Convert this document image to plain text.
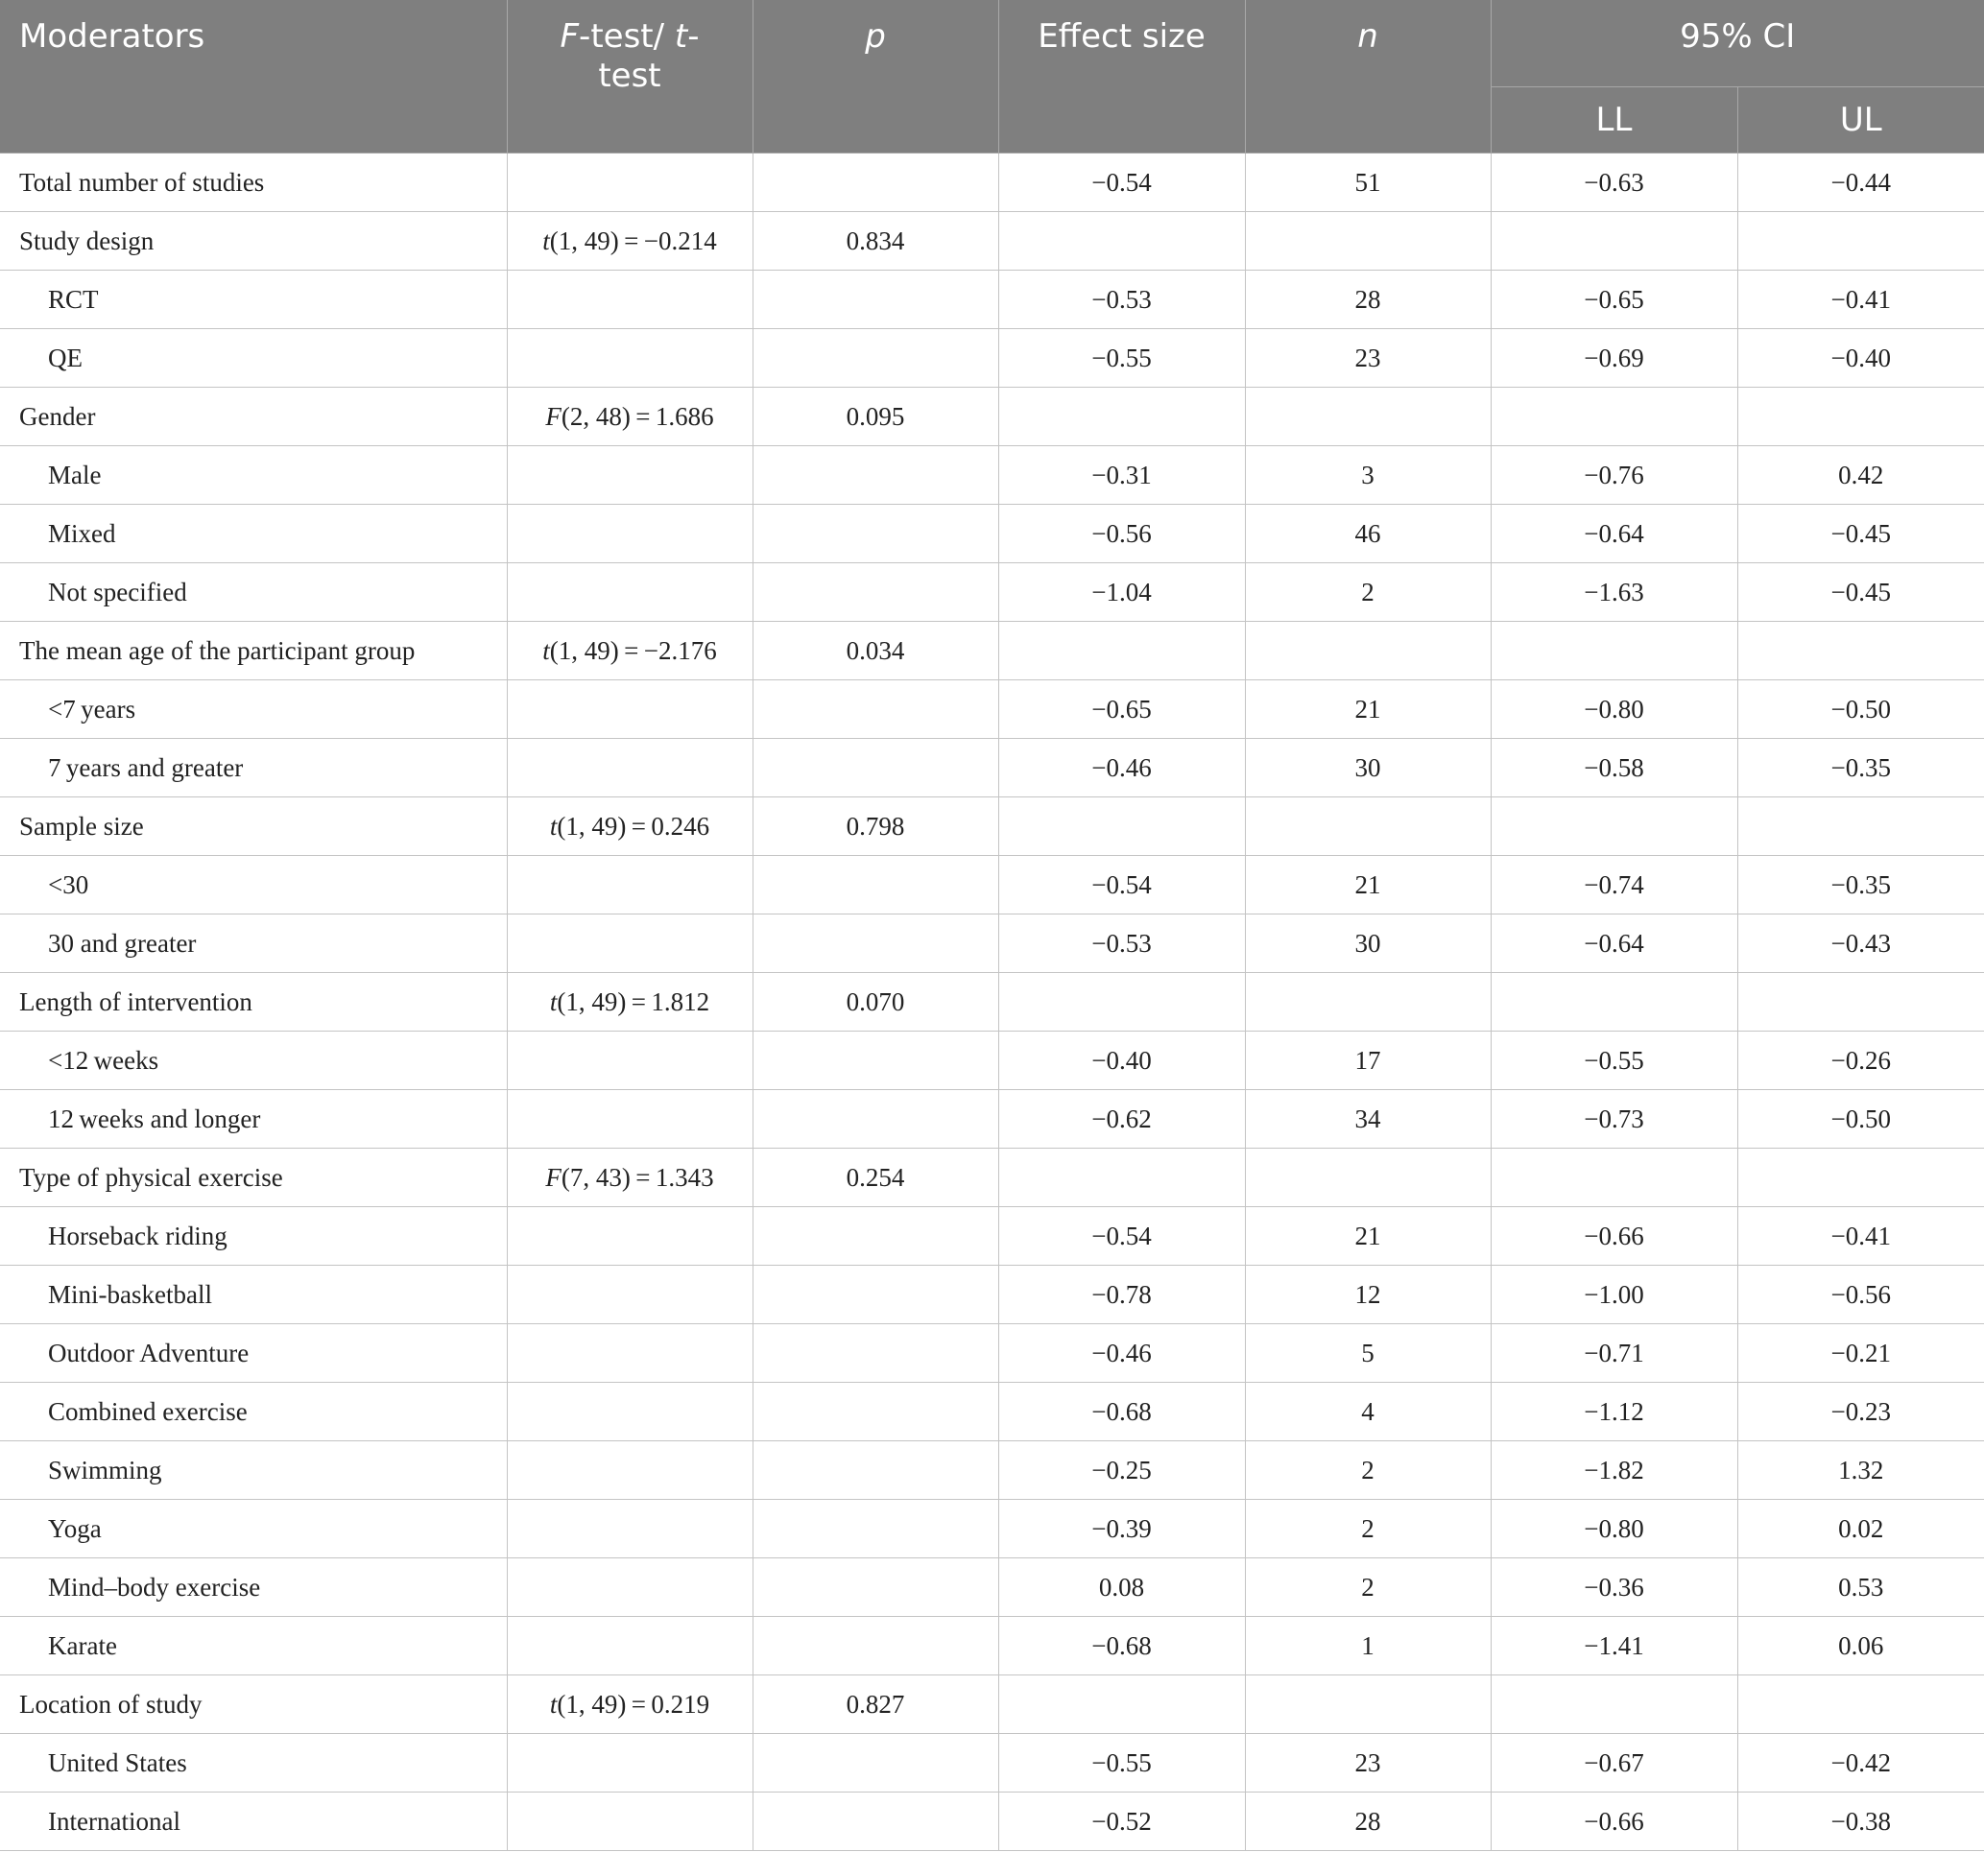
Moderators	F-test/ t-test	p	Effect size	n	95% CI	
					LL	UL
Total number of studies			−0.54	51	−0.63	−0.44
Study design	t(1, 49) = −0.214	0.834				
RCT			−0.53	28	−0.65	−0.41
QE			−0.55	23	−0.69	−0.40
Gender	F(2, 48) = 1.686	0.095				
Male			−0.31	3	−0.76	0.42
Mixed			−0.56	46	−0.64	−0.45
Not specified			−1.04	2	−1.63	−0.45
The mean age of the participant group	t(1, 49) = −2.176	0.034				
<7 years			−0.65	21	−0.80	−0.50
7 years and greater			−0.46	30	−0.58	−0.35
Sample size	t(1, 49) = 0.246	0.798				
<30			−0.54	21	−0.74	−0.35
30 and greater			−0.53	30	−0.64	−0.43
Length of intervention	t(1, 49) = 1.812	0.070				
<12 weeks			−0.40	17	−0.55	−0.26
12 weeks and longer			−0.62	34	−0.73	−0.50
Type of physical exercise	F(7, 43) = 1.343	0.254				
Horseback riding			−0.54	21	−0.66	−0.41
Mini-basketball			−0.78	12	−1.00	−0.56
Outdoor Adventure			−0.46	5	−0.71	−0.21
Combined exercise			−0.68	4	−1.12	−0.23
Swimming			−0.25	2	−1.82	1.32
Yoga			−0.39	2	−0.80	0.02
Mind–body exercise			0.08	2	−0.36	0.53
Karate			−0.68	1	−1.41	0.06
Location of study	t(1, 49) = 0.219	0.827				
United States			−0.55	23	−0.67	−0.42
International			−0.52	28	−0.66	−0.38
